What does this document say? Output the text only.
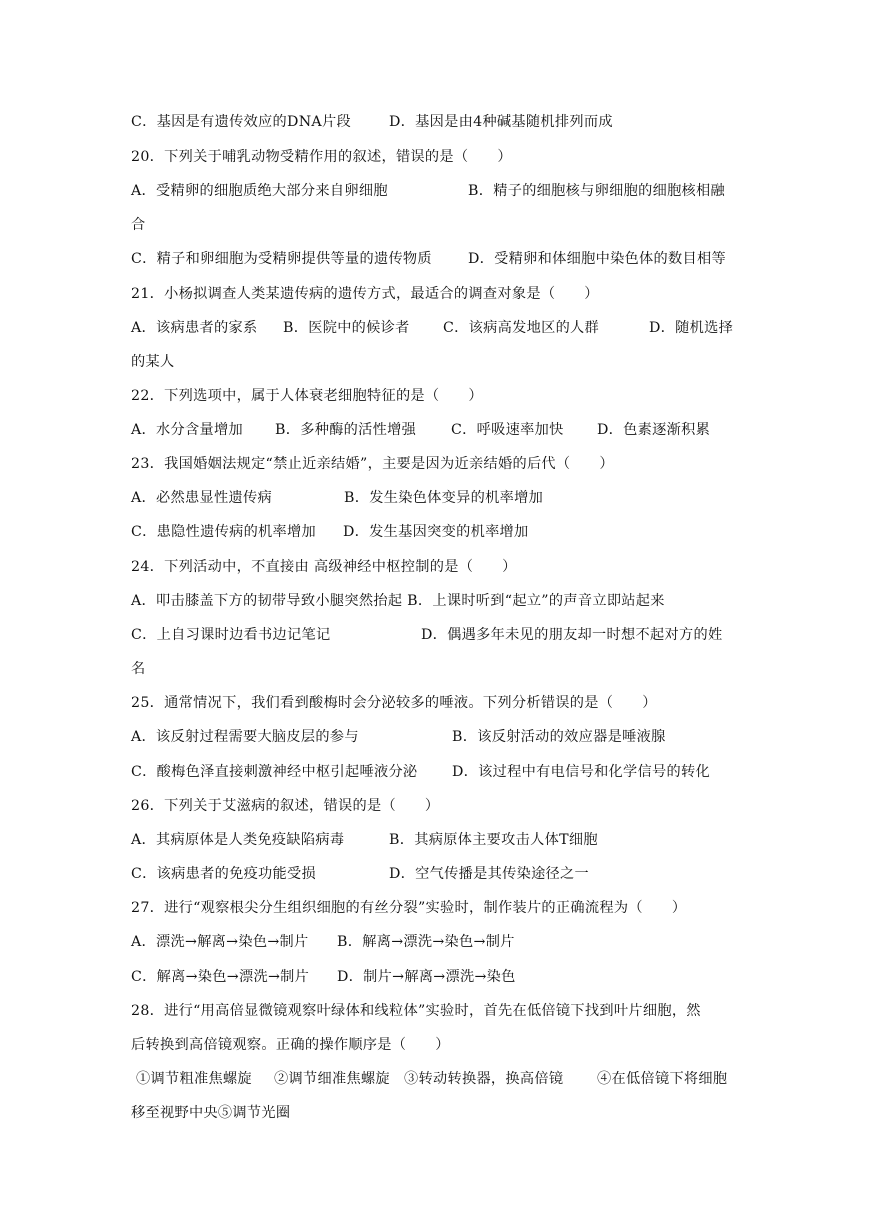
C．基因是有遗传效应的DNA片段	D．基因是由4种碱基随机排列而成
20．下列关于哺乳动物受精作用的叙述，错误的是（　　）
A．受精卵的细胞质绝大部分来自卵细胞	B．精子的细胞核与卵细胞的细胞核相融
合
C．精子和卵细胞为受精卵提供等量的遗传物质	D．受精卵和体细胞中染色体的数目相等
21．小杨拟调查人类某遗传病的遗传方式，最适合的调查对象是（　　）
A．该病患者的家系 B．医院中的候诊者 C．该病高发地区的人群	D．随机选择
的某人
22．下列选项中，属于人体衰老细胞特征的是（　　）
A．水分含量增加 B．多种酶的活性增强 C．呼吸速率加快 D．色素逐渐积累
23．我国婚姻法规定“禁止近亲结婚”，主要是因为近亲结婚的后代（　　）
A．必然患显性遗传病	B．发生染色体变异的机率增加
C．患隐性遗传病的机率增加 D．发生基因突变的机率增加
24．下列活动中，不直接由 高级神经中枢控制的是（　　）
A．叩击膝盖下方的韧带导致小腿突然抬起 B．上课时听到“起立”的声音立即站起来
C．上自习课时边看书边记笔记	D．偶遇多年未见的朋友却一时想不起对方的姓
名
25．通常情况下，我们看到酸梅时会分泌较多的唾液。下列分析错误的是（　　）
A．该反射过程需要大脑皮层的参与	B．该反射活动的效应器是唾液腺
C．酸梅色泽直接刺激神经中枢引起唾液分泌 D．该过程中有电信号和化学信号的转化
26．下列关于艾滋病的叙述，错误的是（　　）
A．其病原体是人类免疫缺陷病毒	B．其病原体主要攻击人体T细胞
C．该病患者的免疫功能受损	D．空气传播是其传染途径之一
27．进行“观察根尖分生组织细胞的有丝分裂”实验时，制作装片的正确流程为（　　）
A．漂洗→解离→染色→制片 B．解离→漂洗→染色→制片
C．解离→染色→漂洗→制片 D．制片→解离→漂洗→染色
28．进行“用高倍显微镜观察叶绿体和线粒体”实验时，首先在低倍镜下找到叶片细胞，然
后转换到高倍镜观察。正确的操作顺序是（　　）
①调节粗准焦螺旋 ②调节细准焦螺旋 ③转动转换器，换高倍镜 ④在低倍镜下将细胞
移至视野中央⑤调节光圈
